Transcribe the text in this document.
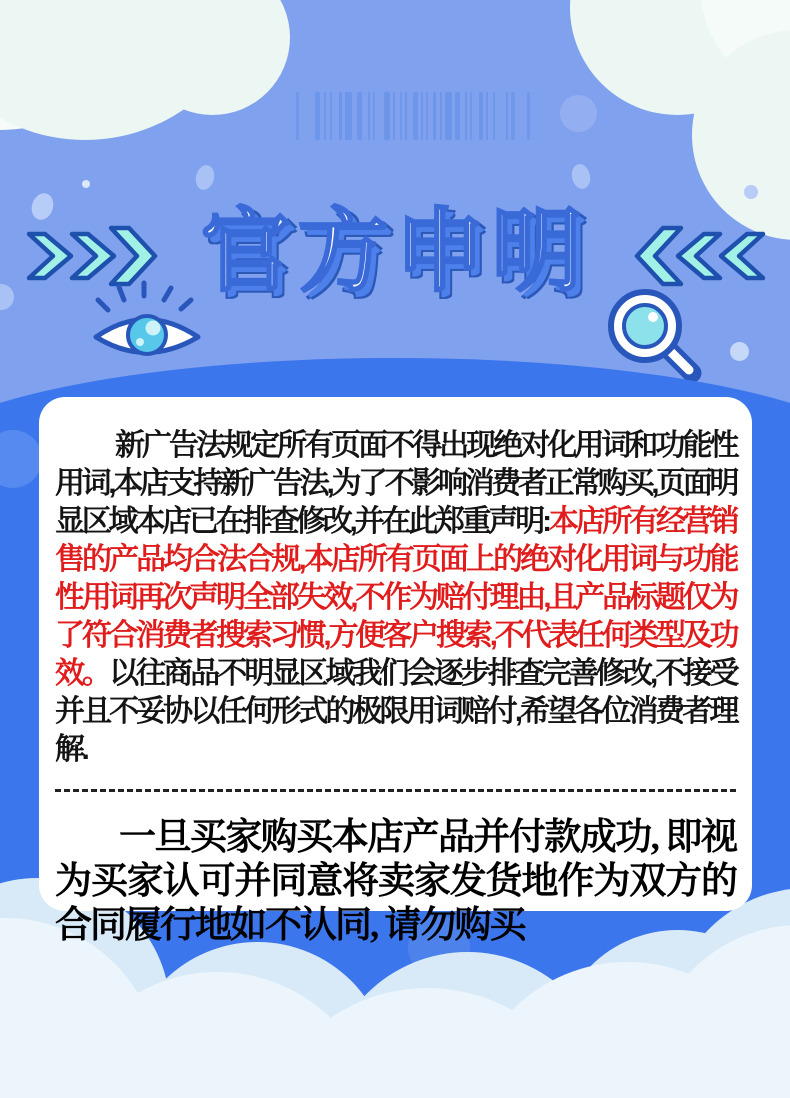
官方申明

新广告法规定所有页面不得出现绝对化用词和功能性用词,本店支持新广告法,为了不影响消费者正常购买,页面明显区域本店已在排查修改,并在此郑重声明:本店所有经营销售的产品均合法合规,本店所有页面上的绝对化用词与功能性用词再次声明全部失效,不作为赔付理由,且产品标题仅为了符合消费者搜索习惯,方便客户搜索,不代表任何类型及功效。以往商品不明显区域我们会逐步排查完善修改,不接受并且不妥协以任何形式的极限用词赔付,希望各位消费者理解.

一旦买家购买本店产品并付款成功, 即视为买家认可并同意将卖家发货地作为双方的合同履行地如不认同, 请勿购买
